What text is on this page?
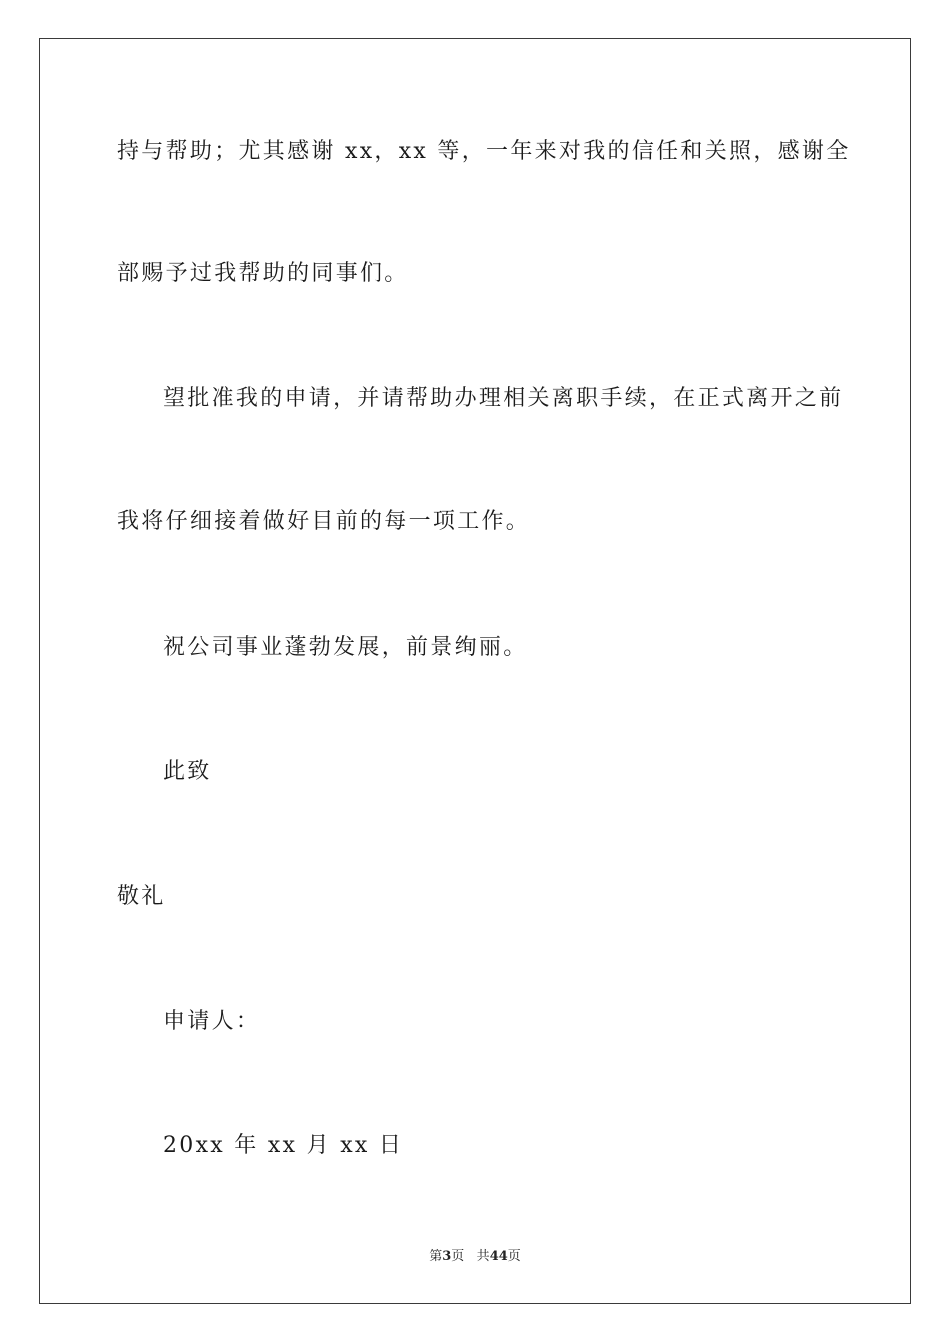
持与帮助；尤其感谢 xx，xx 等，一年来对我的信任和关照，感谢全
部赐予过我帮助的同事们。
望批准我的申请，并请帮助办理相关离职手续，在正式离开之前
我将仔细接着做好目前的每一项工作。
祝公司事业蓬勃发展，前景绚丽。
此致
敬礼
申请人：
20xx 年 xx 月 xx 日
第3页 共44页
